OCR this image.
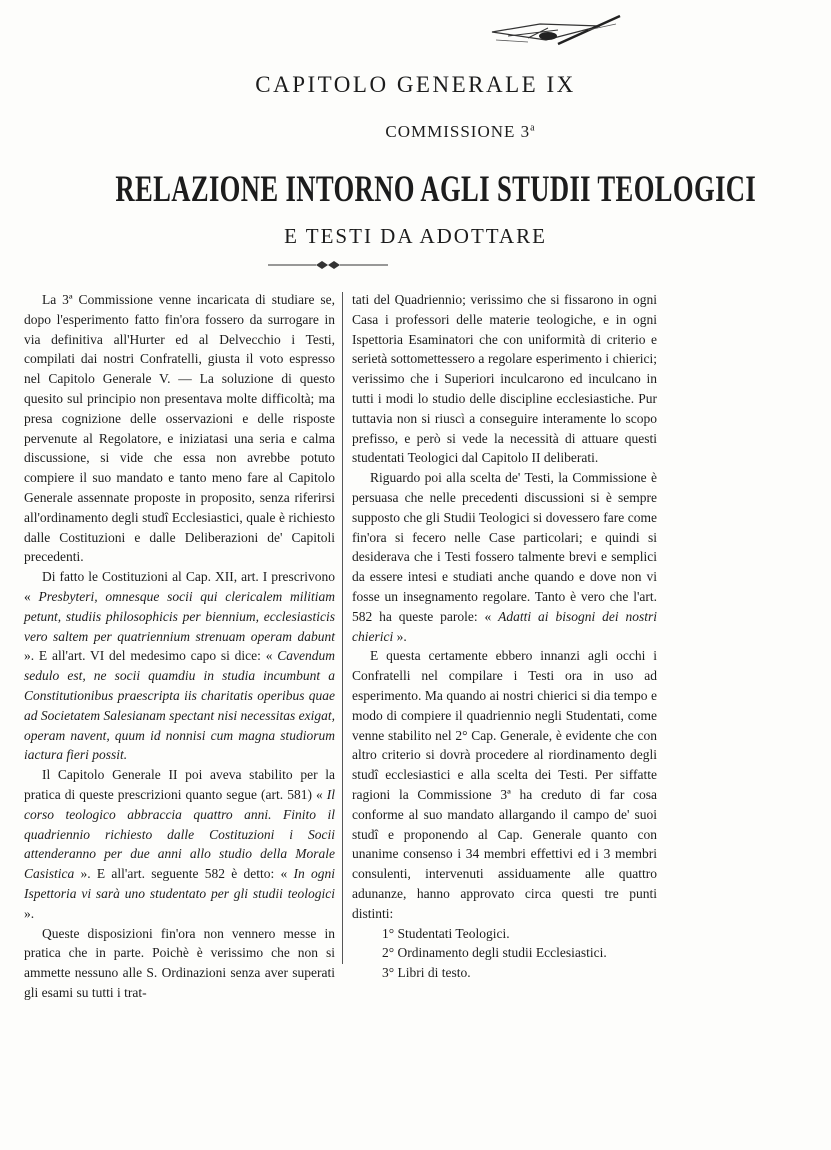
CAPITOLO GENERALE IX
COMMISSIONE 3$^a$
RELAZIONE INTORNO AGLI STUDII TEOLOGICI
E TESTI DA ADOTTARE

La 3ª Commissione venne incaricata di studiare se, dopo l'esperimento fatto fin'ora fossero da surrogare in via definitiva all'Hurter ed al Delvecchio i Testi, compilati dai nostri Confratelli, giusta il voto espresso nel Capitolo Generale V. — La soluzione di questo quesito sul principio non presentava molte difficoltà; ma presa cognizione delle osservazioni e delle risposte pervenute al Regolatore, e iniziatasi una seria e calma discussione, si vide che essa non avrebbe potuto compiere il suo mandato e tanto meno fare al Capitolo Generale assennate proposte in proposito, senza riferirsi all'ordinamento degli studî Ecclesiastici, quale è richiesto dalle Costituzioni e dalle Deliberazioni de' Capitoli precedenti.

Di fatto le Costituzioni al Cap. XII, art. I prescrivono « Presbyteri, omnesque socii qui clericalem militiam petunt, studiis philosophicis per biennium, ecclesiasticis vero saltem per quatriennium strenuam operam dabunt ». E all'art. VI del medesimo capo si dice: « Cavendum sedulo est, ne socii quamdiu in studia incumbunt a Constitutionibus praescripta iis charitatis operibus quae ad Societatem Salesianam spectant nisi necessitas exigat, operam navent, quum id nonnisi cum magna studiorum iactura fieri possit.

Il Capitolo Generale II poi aveva stabilito per la pratica di queste prescrizioni quanto segue (art. 581) « Il corso teologico abbraccia quattro anni. Finito il quadriennio richiesto dalle Costituzioni i Socii attenderanno per due anni allo studio della Morale Casistica ». E all'art. seguente 582 è detto: « In ogni Ispettoria vi sarà uno studentato per gli studii teologici ».

Queste disposizioni fin'ora non vennero messe in pratica che in parte. Poichè è verissimo che non si ammette nessuno alle S. Ordinazioni senza aver superati gli esami su tutti i trat-

tati del Quadriennio; verissimo che si fissarono in ogni Casa i professori delle materie teologiche, e in ogni Ispettoria Esaminatori che con uniformità di criterio e serietà sottomettessero a regolare esperimento i chierici; verissimo che i Superiori inculcarono ed inculcano in tutti i modi lo studio delle discipline ecclesiastiche. Pur tuttavia non si riuscì a conseguire interamente lo scopo prefisso, e però si vede la necessità di attuare questi studentati Teologici dal Capitolo II deliberati.

Riguardo poi alla scelta de' Testi, la Commissione è persuasa che nelle precedenti discussioni si è sempre supposto che gli Studii Teologici si dovessero fare come fin'ora si fecero nelle Case particolari; e quindi si desiderava che i Testi fossero talmente brevi e semplici da essere intesi e studiati anche quando e dove non vi fosse un insegnamento regolare. Tanto è vero che l'art. 582 ha queste parole: « Adatti ai bisogni dei nostri chierici ».

E questa certamente ebbero innanzi agli occhi i Confratelli nel compilare i Testi ora in uso ad esperimento. Ma quando ai nostri chierici si dia tempo e modo di compiere il quadriennio negli Studentati, come venne stabilito nel 2° Cap. Generale, è evidente che con altro criterio si dovrà procedere al riordinamento degli studî ecclesiastici e alla scelta dei Testi. Per siffatte ragioni la Commissione 3ª ha creduto di far cosa conforme al suo mandato allargando il campo de' suoi studî e proponendo al Cap. Generale quanto con unanime consenso i 34 membri effettivi ed i 3 membri consulenti, intervenuti assiduamente alle quattro adunanze, hanno approvato circa questi tre punti distinti:

1° Studentati Teologici.
2° Ordinamento degli studii Ecclesiastici.
3° Libri di testo.
